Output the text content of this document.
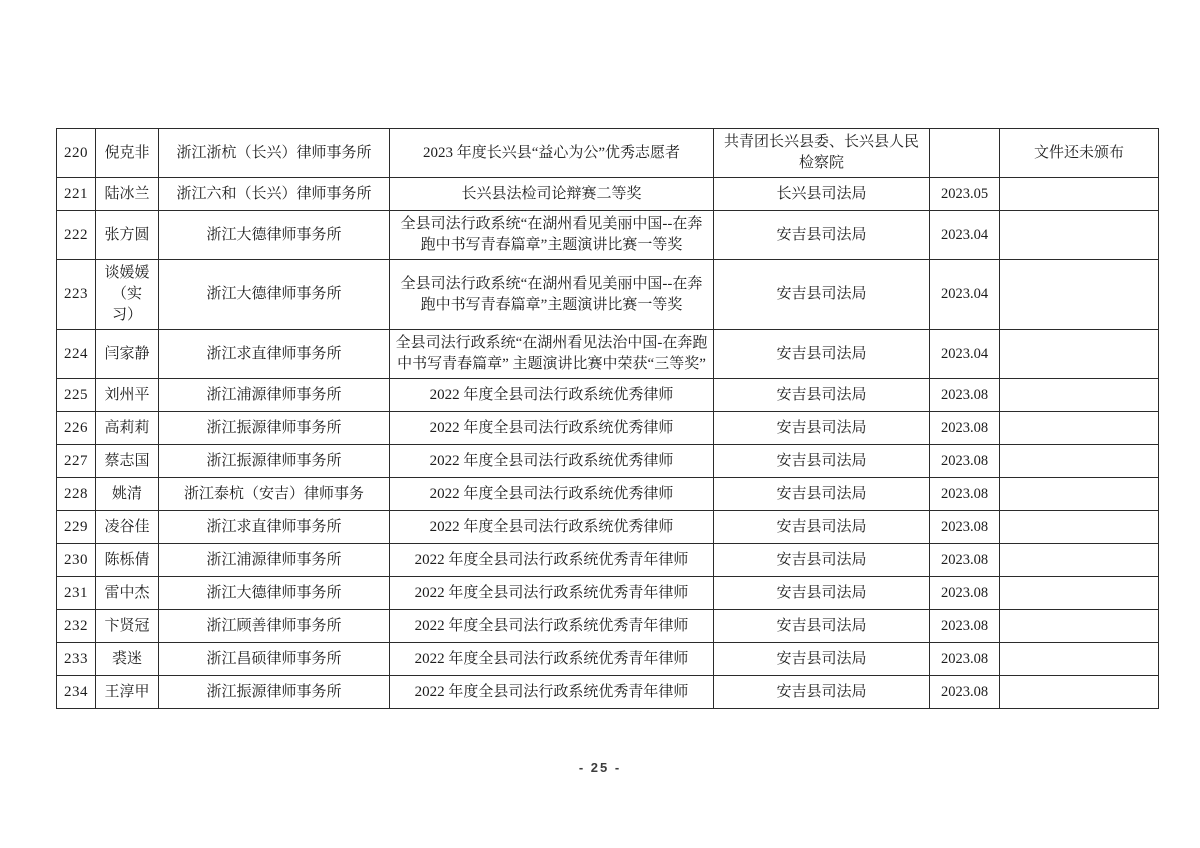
220	倪克非	浙江浙杭（长兴）律师事务所	2023 年度长兴县“益心为公”优秀志愿者	共青团长兴县委、长兴县人民检察院		文件还未颁布
221	陆冰兰	浙江六和（长兴）律师事务所	长兴县法检司论辩赛二等奖	长兴县司法局	2023.05	
222	张方圆	浙江大德律师事务所	全县司法行政系统“在湖州看见美丽中国--在奔跑中书写青春篇章”主题演讲比赛一等奖	安吉县司法局	2023.04	
223	谈媛媛（实习）	浙江大德律师事务所	全县司法行政系统“在湖州看见美丽中国--在奔跑中书写青春篇章”主题演讲比赛一等奖	安吉县司法局	2023.04	
224	闫家静	浙江求直律师事务所	全县司法行政系统“在湖州看见法治中国-在奔跑中书写青春篇章” 主题演讲比赛中荣获“三等奖”	安吉县司法局	2023.04	
225	刘州平	浙江浦源律师事务所	2022 年度全县司法行政系统优秀律师	安吉县司法局	2023.08	
226	高莉莉	浙江振源律师事务所	2022 年度全县司法行政系统优秀律师	安吉县司法局	2023.08	
227	蔡志国	浙江振源律师事务所	2022 年度全县司法行政系统优秀律师	安吉县司法局	2023.08	
228	姚清	浙江泰杭（安吉）律师事务	2022 年度全县司法行政系统优秀律师	安吉县司法局	2023.08	
229	凌谷佳	浙江求直律师事务所	2022 年度全县司法行政系统优秀律师	安吉县司法局	2023.08	
230	陈栎倩	浙江浦源律师事务所	2022 年度全县司法行政系统优秀青年律师	安吉县司法局	2023.08	
231	雷中杰	浙江大德律师事务所	2022 年度全县司法行政系统优秀青年律师	安吉县司法局	2023.08	
232	卞贤冠	浙江顾善律师事务所	2022 年度全县司法行政系统优秀青年律师	安吉县司法局	2023.08	
233	裘迷	浙江昌硕律师事务所	2022 年度全县司法行政系统优秀青年律师	安吉县司法局	2023.08	
234	王淳甲	浙江振源律师事务所	2022 年度全县司法行政系统优秀青年律师	安吉县司法局	2023.08	
- 25 -
